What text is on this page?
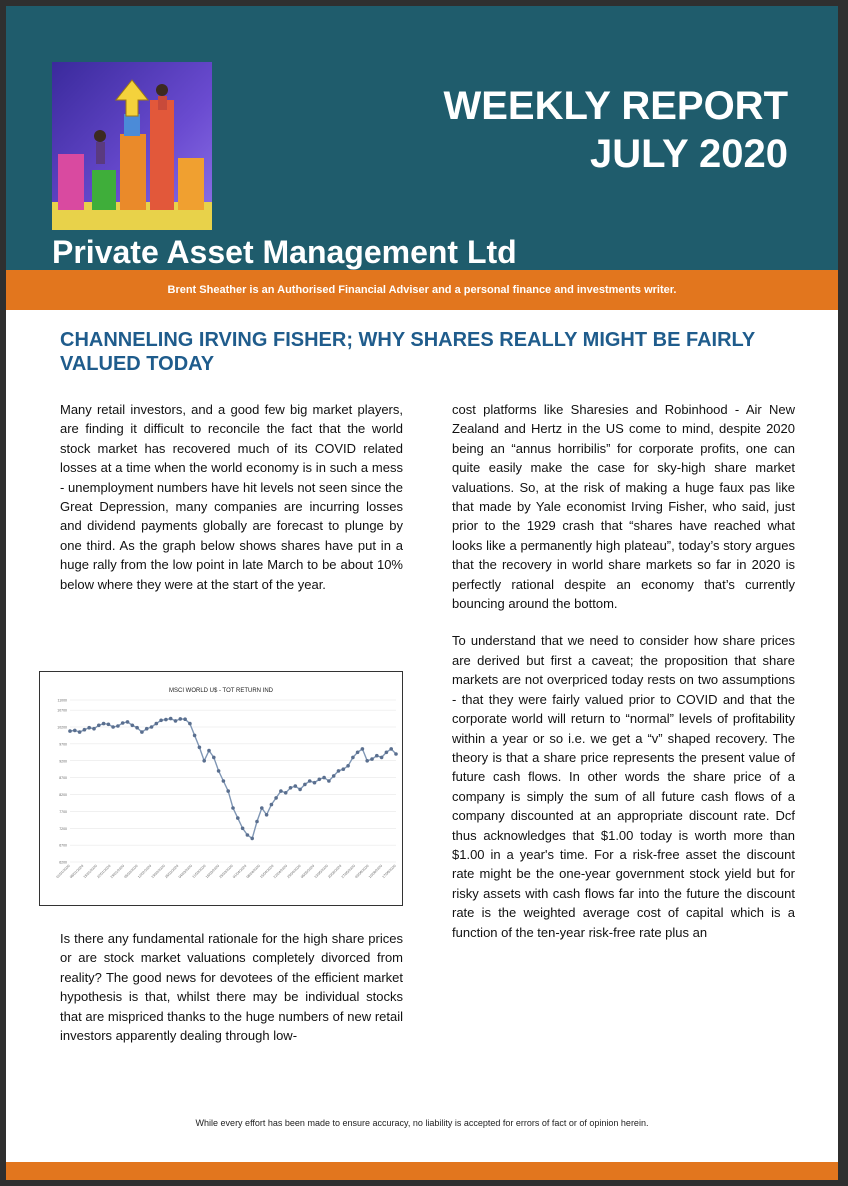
WEEKLY REPORT
JULY 2020
Private Asset Management Ltd
Brent Sheather is an Authorised Financial Adviser and a personal finance and investments writer.
CHANNELING IRVING FISHER; WHY SHARES REALLY MIGHT BE FAIRLY VALUED TODAY

Many retail investors, and a good few big market players, are finding it difficult to reconcile the fact that the world stock market has recovered much of its COVID related losses at a time when the world economy is in such a mess - unemployment numbers have hit levels not seen since the Great Depression, many companies are incurring losses and dividend payments globally are forecast to plunge by one third. As the graph below shows shares have put in a huge rally from the low point in late March to be about 10% below where they were at the start of the year.

MSCI WORLD U$ - TOT RETURN IND
6200
6700
7200
7700
8200
8700
9200
9700
10200
10700
11000
01/01/2020
08/01/2020
15/01/2020
22/01/2020
29/01/2020
05/02/2020
12/02/2020
19/02/2020
26/02/2020
04/03/2020
11/03/2020
18/03/2020
25/03/2020
01/04/2020
08/04/2020
15/04/2020
22/04/2020
29/04/2020
06/05/2020
13/05/2020
20/05/2020
27/05/2020
03/06/2020
10/06/2020
17/06/2020

Is there any fundamental rationale for the high share prices or are stock market valuations completely divorced from reality? The good news for devotees of the efficient market hypothesis is that, whilst there may be individual stocks that are mispriced thanks to the huge numbers of new retail investors apparently dealing through low-

cost platforms like Sharesies and Robinhood - Air New Zealand and Hertz in the US come to mind, despite 2020 being an “annus horribilis” for corporate profits, one can quite easily make the case for sky-high share market valuations. So, at the risk of making a huge faux pas like that made by Yale economist Irving Fisher, who said, just prior to the 1929 crash that “shares have reached what looks like a permanently high plateau”, today’s story argues that the recovery in world share markets so far in 2020 is perfectly rational despite an economy that’s currently bouncing around the bottom.

To understand that we need to consider how share prices are derived but first a caveat; the proposition that share markets are not overpriced today rests on two assumptions - that they were fairly valued prior to COVID and that the corporate world will return to “normal” levels of profitability within a year or so i.e. we get a “v” shaped recovery. The theory is that a share price represents the present value of future cash flows. In other words the share price of a company is simply the sum of all future cash flows of a company discounted at an appropriate discount rate. Dcf thus acknowledges that $1.00 today is worth more than $1.00 in a year's time. For a risk-free asset the discount rate might be the one-year government stock yield but for risky assets with cash flows far into the future the discount rate is the weighted average cost of capital which is a function of the ten-year risk-free rate plus an

While every effort has been made to ensure accuracy, no liability is accepted for errors of fact or of opinion herein.
